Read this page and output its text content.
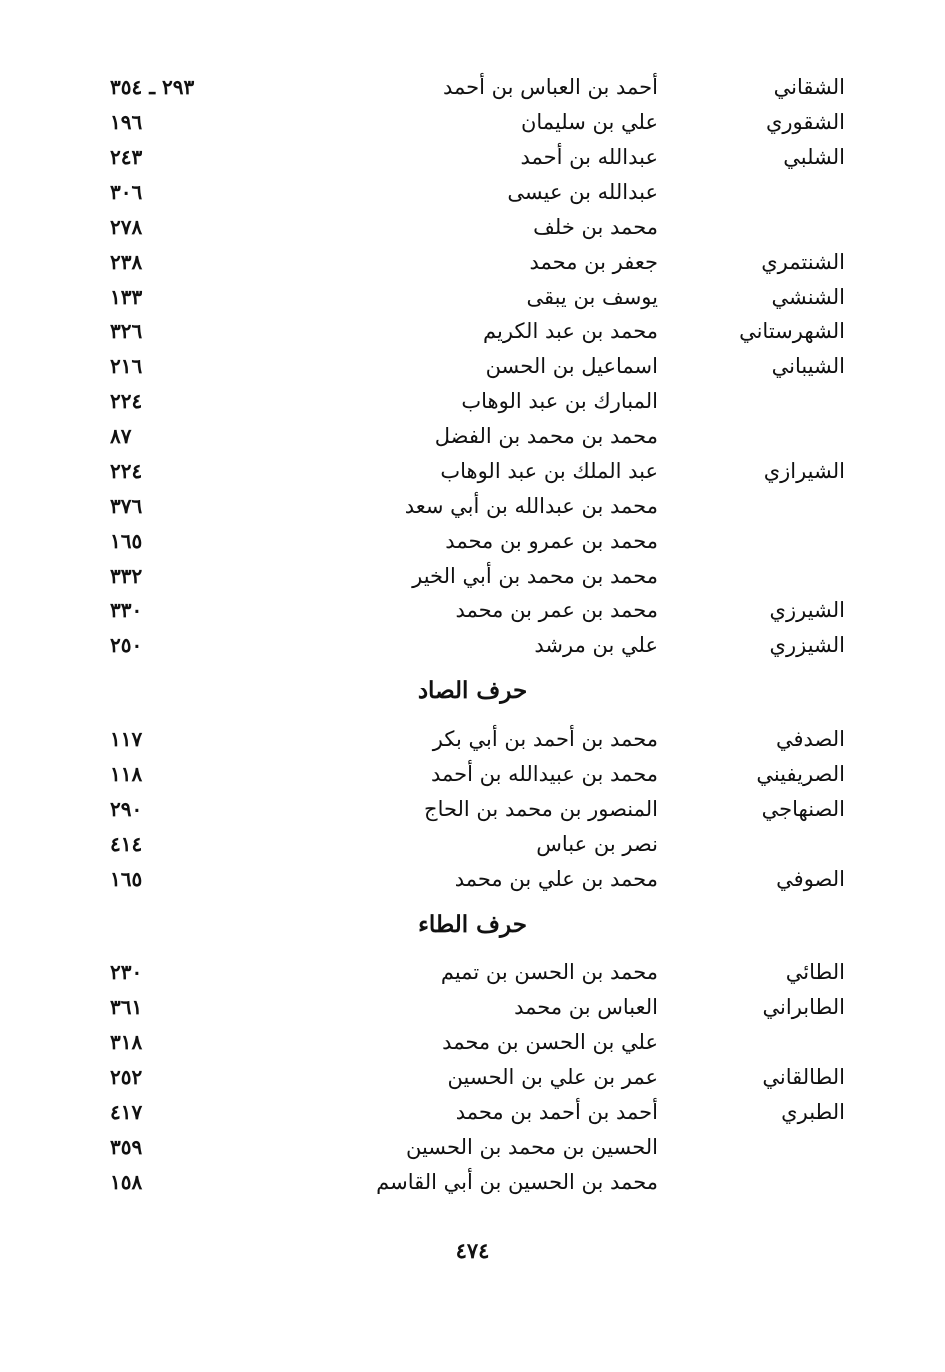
الشقاني
أحمد بن العباس بن أحمد
٢٩٣ ـ ٣٥٤
الشقوري
علي بن سليمان
١٩٦
الشلبي
عبدالله بن أحمد
٢٤٣
عبدالله بن عيسى
٣٠٦
محمد بن خلف
٢٧٨
الشنتمري
جعفر بن محمد
٢٣٨
الشنشي
يوسف بن يبقى
١٣٣
الشهرستاني
محمد بن عبد الكريم
٣٢٦
الشيباني
اسماعيل بن الحسن
٢١٦
المبارك بن عبد الوهاب
٢٢٤
محمد بن محمد بن الفضل
٨٧
الشيرازي
عبد الملك بن عبد الوهاب
٢٢٤
محمد بن عبدالله بن أبي سعد
٣٧٦
محمد بن عمرو بن محمد
١٦٥
محمد بن محمد بن أبي الخير
٣٣٢
الشيرزي
محمد بن عمر بن محمد
٣٣٠
الشيزري
علي بن مرشد
٢٥٠
حرف الصاد
الصدفي
محمد بن أحمد بن أبي بكر
١١٧
الصريفيني
محمد بن عبيدالله بن أحمد
١١٨
الصنهاجي
المنصور بن محمد بن الحاج
٢٩٠
نصر بن عباس
٤١٤
الصوفي
محمد بن علي بن محمد
١٦٥
حرف الطاء
الطائي
محمد بن الحسن بن تميم
٢٣٠
الطابراني
العباس بن محمد
٣٦١
علي بن الحسن بن محمد
٣١٨
الطالقاني
عمر بن علي بن الحسين
٢٥٢
الطبري
أحمد بن أحمد بن محمد
٤١٧
الحسين بن محمد بن الحسين
٣٥٩
محمد بن الحسين بن أبي القاسم
١٥٨
٤٧٤
